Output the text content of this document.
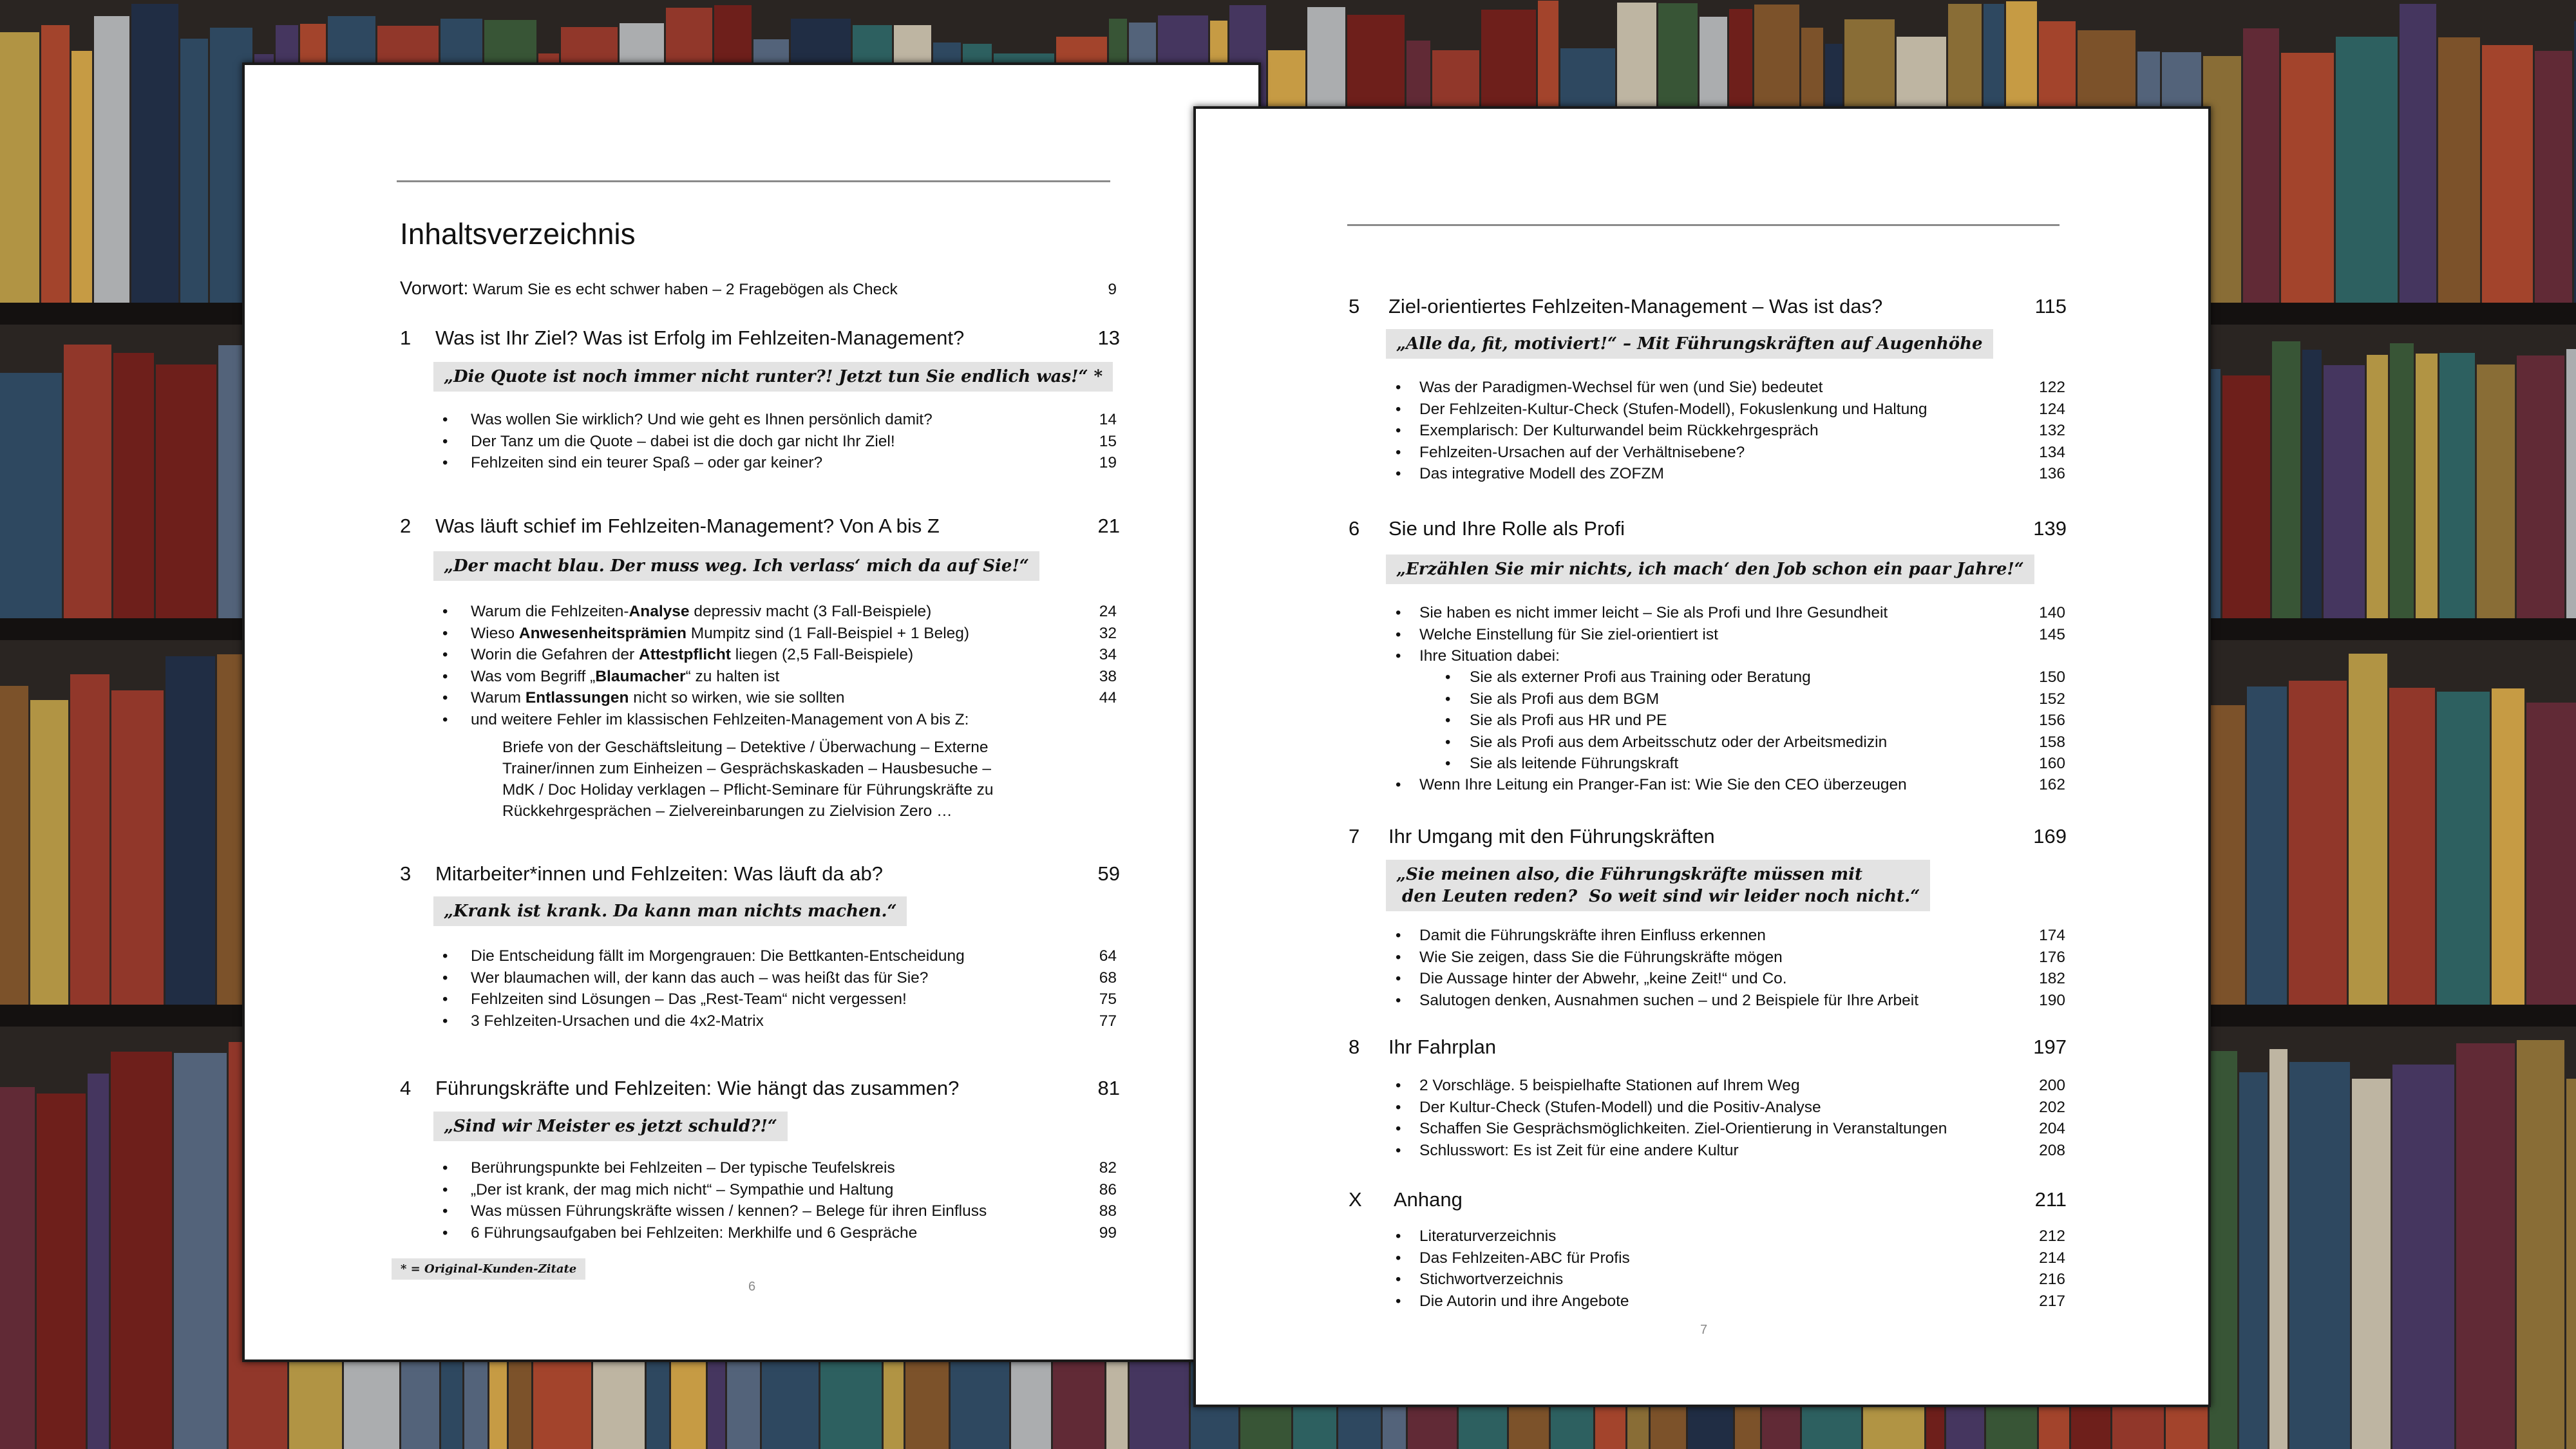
Inhaltsverzeichnis
Vorwort: Warum Sie es echt schwer haben – 2 Fragebögen als Check	9
1 Was ist Ihr Ziel? Was ist Erfolg im Fehlzeiten-Management?	13
„Die Quote ist noch immer nicht runter?! Jetzt tun Sie endlich was!“ *
• Was wollen Sie wirklich? Und wie geht es Ihnen persönlich damit?	14
• Der Tanz um die Quote – dabei ist die doch gar nicht Ihr Ziel!	15
• Fehlzeiten sind ein teurer Spaß – oder gar keiner?	19
2 Was läuft schief im Fehlzeiten-Management? Von A bis Z	21
„Der macht blau. Der muss weg. Ich verlass‘ mich da auf Sie!“
• Warum die Fehlzeiten-Analyse depressiv macht (3 Fall-Beispiele)	24
• Wieso Anwesenheitsprämien Mumpitz sind (1 Fall-Beispiel + 1 Beleg)	32
• Worin die Gefahren der Attestpflicht liegen (2,5 Fall-Beispiele)	34
• Was vom Begriff „Blaumacher“ zu halten ist	38
• Warum Entlassungen nicht so wirken, wie sie sollten	44
• und weitere Fehler im klassischen Fehlzeiten-Management von A bis Z:
Briefe von der Geschäftsleitung – Detektive / Überwachung – Externe
Trainer/innen zum Einheizen – Gesprächskaskaden – Hausbesuche –
MdK / Doc Holiday verklagen – Pflicht-Seminare für Führungskräfte zu
Rückkehrgesprächen – Zielvereinbarungen zu Zielvision Zero …
3 Mitarbeiter*innen und Fehlzeiten: Was läuft da ab?	59
„Krank ist krank. Da kann man nichts machen.“
• Die Entscheidung fällt im Morgengrauen: Die Bettkanten-Entscheidung	64
• Wer blaumachen will, der kann das auch – was heißt das für Sie?	68
• Fehlzeiten sind Lösungen – Das „Rest-Team“ nicht vergessen!	75
• 3 Fehlzeiten-Ursachen und die 4x2-Matrix	77
4 Führungskräfte und Fehlzeiten: Wie hängt das zusammen?	81
„Sind wir Meister es jetzt schuld?!“
• Berührungspunkte bei Fehlzeiten – Der typische Teufelskreis	82
• „Der ist krank, der mag mich nicht“ – Sympathie und Haltung	86
• Was müssen Führungskräfte wissen / kennen? – Belege für ihren Einfluss	88
• 6 Führungsaufgaben bei Fehlzeiten: Merkhilfe und 6 Gespräche	99
* = Original-Kunden-Zitate
6
5 Ziel-orientiertes Fehlzeiten-Management – Was ist das?	115
„Alle da, fit, motiviert!“ – Mit Führungskräften auf Augenhöhe
• Was der Paradigmen-Wechsel für wen (und Sie) bedeutet	122
• Der Fehlzeiten-Kultur-Check (Stufen-Modell), Fokuslenkung und Haltung	124
• Exemplarisch: Der Kulturwandel beim Rückkehrgespräch	132
• Fehlzeiten-Ursachen auf der Verhältnisebene?	134
• Das integrative Modell des ZOFZM	136
6 Sie und Ihre Rolle als Profi	139
„Erzählen Sie mir nichts, ich mach‘ den Job schon ein paar Jahre!“
• Sie haben es nicht immer leicht – Sie als Profi und Ihre Gesundheit	140
• Welche Einstellung für Sie ziel-orientiert ist	145
• Ihre Situation dabei:
• Sie als externer Profi aus Training oder Beratung	150
• Sie als Profi aus dem BGM	152
• Sie als Profi aus HR und PE	156
• Sie als Profi aus dem Arbeitsschutz oder der Arbeitsmedizin	158
• Sie als leitende Führungskraft	160
• Wenn Ihre Leitung ein Pranger-Fan ist: Wie Sie den CEO überzeugen	162
7 Ihr Umgang mit den Führungskräften	169
„Sie meinen also, die Führungskräfte müssen mit
den Leuten reden?  So weit sind wir leider noch nicht.“
• Damit die Führungskräfte ihren Einfluss erkennen	174
• Wie Sie zeigen, dass Sie die Führungskräfte mögen	176
• Die Aussage hinter der Abwehr, „keine Zeit!“ und Co.	182
• Salutogen denken, Ausnahmen suchen – und 2 Beispiele für Ihre Arbeit	190
8 Ihr Fahrplan	197
• 2 Vorschläge. 5 beispielhafte Stationen auf Ihrem Weg	200
• Der Kultur-Check (Stufen-Modell) und die Positiv-Analyse	202
• Schaffen Sie Gesprächsmöglichkeiten. Ziel-Orientierung in Veranstaltungen	204
• Schlusswort: Es ist Zeit für eine andere Kultur	208
X Anhang	211
• Literaturverzeichnis	212
• Das Fehlzeiten-ABC für Profis	214
• Stichwortverzeichnis	216
• Die Autorin und ihre Angebote	217
7
